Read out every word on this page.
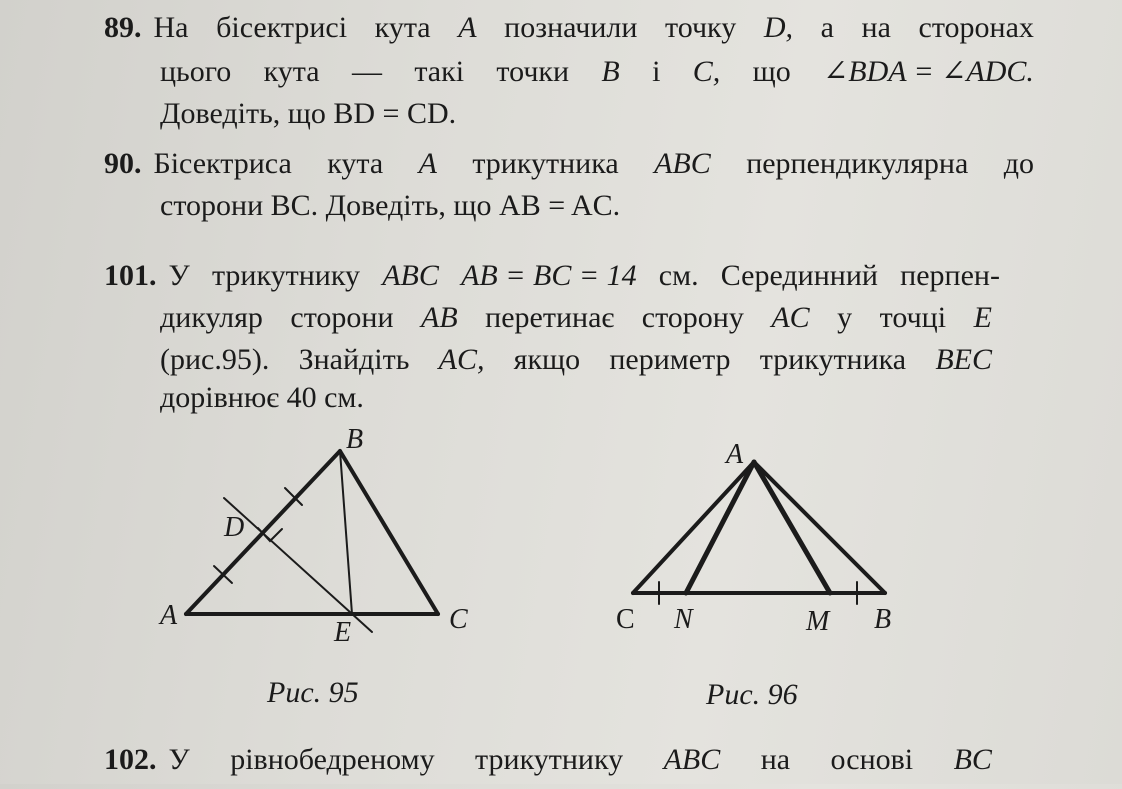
89. На бісектрисі кута A позначили точку D, а на сторонах
цього кута — такі точки B і C, що ∠BDA = ∠ADC.
Доведіть, що BD = CD.
90. Бісектриса кута A трикутника ABC перпендикулярна до
сторони BC. Доведіть, що AB = AC.
101. У трикутнику ABC AB = BC = 14 см. Серединний перпен-
дикуляр сторони AB перетинає сторону AC у точці E
(рис.95). Знайдіть AC, якщо периметр трикутника BEC
дорівнює 40 см.
B
D
A
E	C
Рис. 95
A
C N	M B
Рис. 96
102. У рівнобедреному трикутнику ABC на основі BC
